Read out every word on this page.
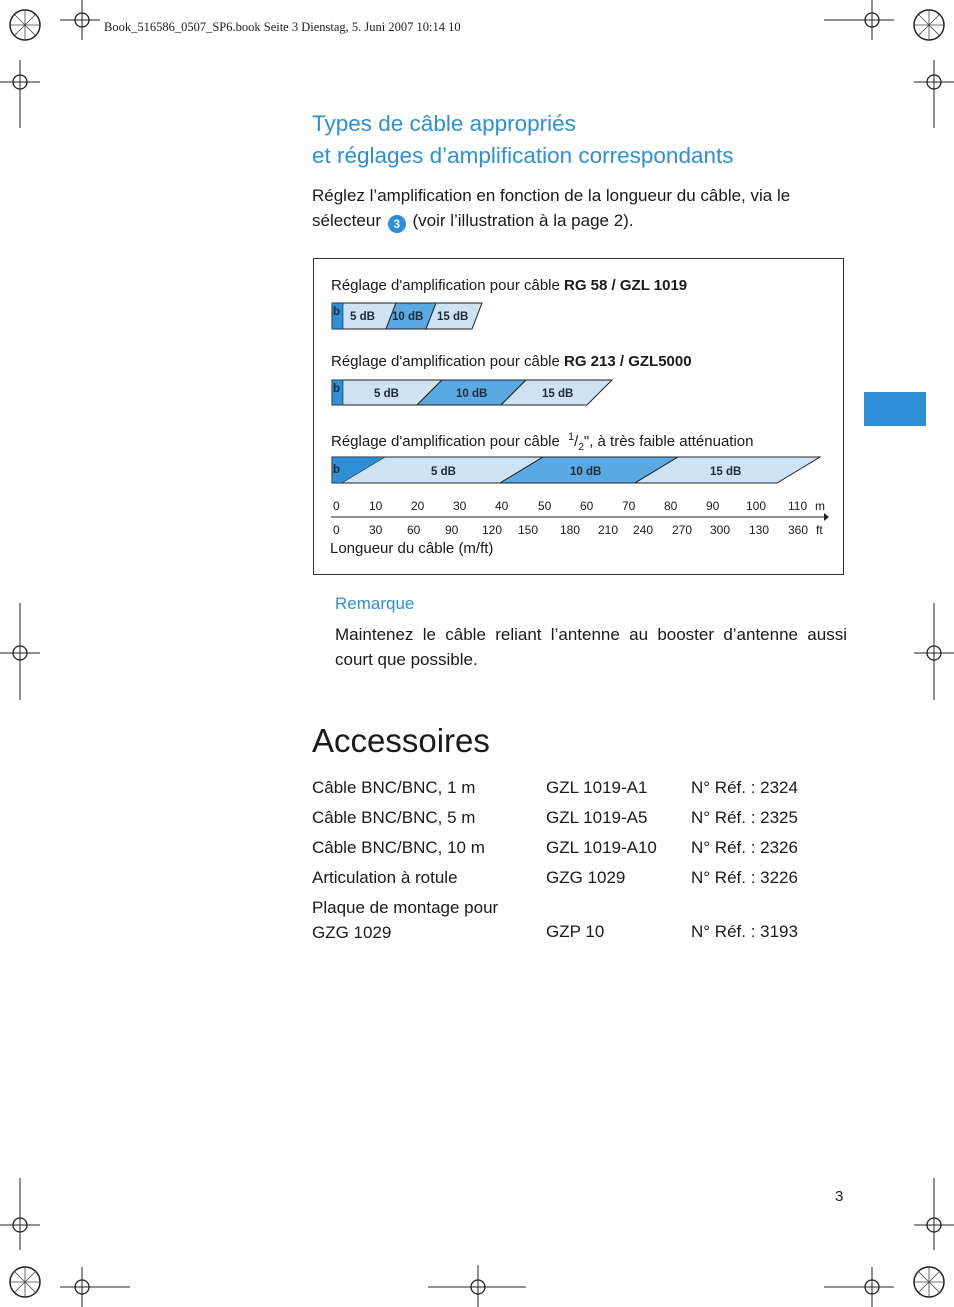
Book_516586_0507_SP6.book Seite 3 Dienstag, 5. Juni 2007 10:14 10
Types de câble appropriés
et réglages d’amplification correspondants
Réglez l’amplification en fonction de la longueur du câble, via le sélecteur 3 (voir l’illustration à la page 2).
Réglage d'amplification pour câble RG 58 / GZL 1019
Réglage d'amplification pour câble RG 213 / GZL5000
Réglage d'amplification pour câble $^1/_2$", à très faible atténuation
b 5 dB 10 dB 15 dB
b	5 dB	10 dB	15 dB
b	5 dB	10 dB	15 dB
0 10 20 30 40 50 60 70 80 90 100 110 m
0 30 60 90 120 150 180 210 240 270 300 130 360 ft
Longueur du câble (m/ft)
Remarque
Maintenez le câble reliant l’antenne au booster d’antenne aussi court que possible.
Accessoires
Câble BNC/BNC, 1 m	GZL 1019-A1	N° Réf. : 2324
Câble BNC/BNC, 5 m	GZL 1019-A5	N° Réf. : 2325
Câble BNC/BNC, 10 m	GZL 1019-A10 N° Réf. : 2326
Articulation à rotule	GZG 1029	N° Réf. : 3226
Plaque de montage pour GZG 1029	GZP 10	N° Réf. : 3193
3
